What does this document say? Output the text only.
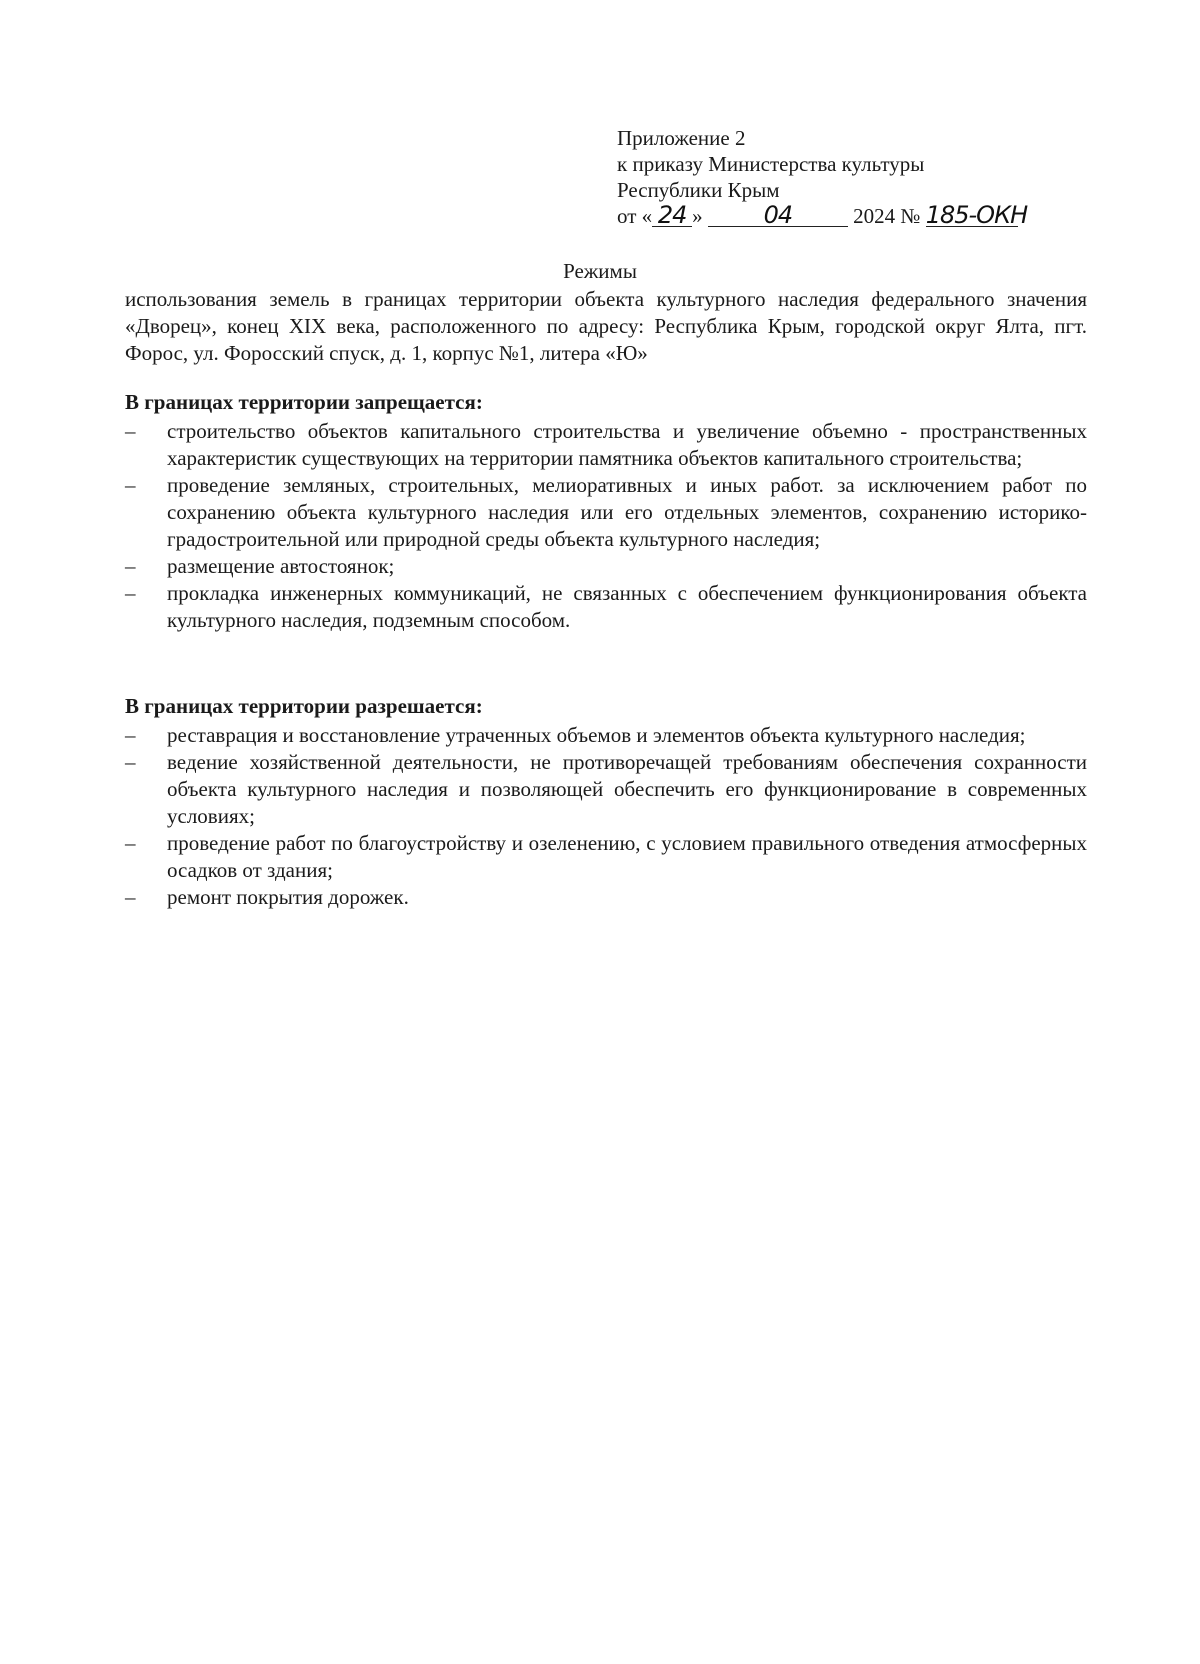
Приложение 2
к приказу Министерства культуры
Республики Крым
от « 24 »	04	2024 № 185-ОКН
Режимы
использования земель в границах территории объекта культурного наследия федерального значения «Дворец», конец XIX века, расположенного по адресу: Республика Крым, городской округ Ялта, пгт. Форос, ул. Форосский спуск, д. 1, корпус №1, литера «Ю»
В границах территории запрещается:
– строительство объектов капитального строительства и увеличение объемно - пространственных характеристик существующих на территории памятника объектов капитального строительства;
– проведение земляных, строительных, мелиоративных и иных работ. за исключением работ по сохранению объекта культурного наследия или его отдельных элементов, сохранению историко-градостроительной или природной среды объекта культурного наследия;
– размещение автостоянок;
– прокладка инженерных коммуникаций, не связанных с обеспечением функционирования объекта культурного наследия, подземным способом.
В границах территории разрешается:
– реставрация и восстановление утраченных объемов и элементов объекта культурного наследия;
– ведение хозяйственной деятельности, не противоречащей требованиям обеспечения сохранности объекта культурного наследия и позволяющей обеспечить его функционирование в современных условиях;
– проведение работ по благоустройству и озеленению, с условием правильного отведения атмосферных осадков от здания;
– ремонт покрытия дорожек.
